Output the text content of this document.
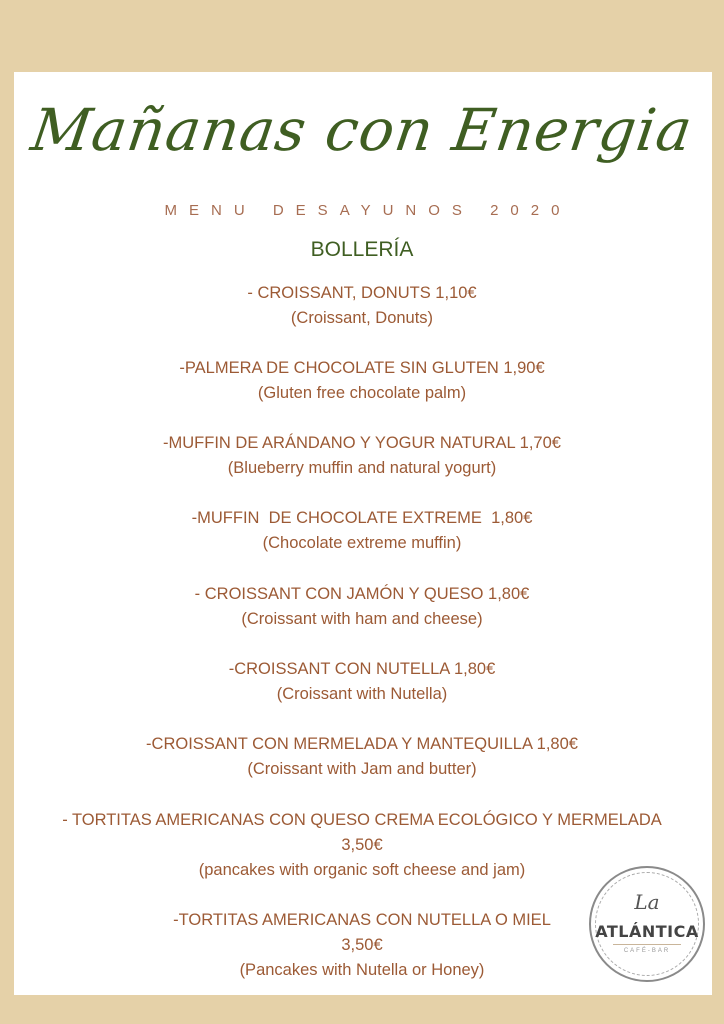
Mañanas con Energia
MENU DESAYUNOS 2020
BOLLERÍA
- CROISSANT, DONUTS 1,10€
(Croissant, Donuts)
-PALMERA DE CHOCOLATE SIN GLUTEN 1,90€
(Gluten free chocolate palm)
-MUFFIN DE ARÁNDANO Y YOGUR NATURAL 1,70€
(Blueberry muffin and natural yogurt)
-MUFFIN  DE CHOCOLATE EXTREME  1,80€
(Chocolate extreme muffin)
- CROISSANT CON JAMÓN Y QUESO 1,80€
(Croissant with ham and cheese)
-CROISSANT CON NUTELLA 1,80€
(Croissant with Nutella)
-CROISSANT CON MERMELADA Y MANTEQUILLA 1,80€
(Croissant with Jam and butter)
- TORTITAS AMERICANAS CON QUESO CREMA ECOLÓGICO Y MERMELADA
3,50€
(pancakes with organic soft cheese and jam)
-TORTITAS AMERICANAS CON NUTELLA O MIEL
3,50€
(Pancakes with Nutella or Honey)
La
ATLÁNTICA
CAFÉ-BAR
